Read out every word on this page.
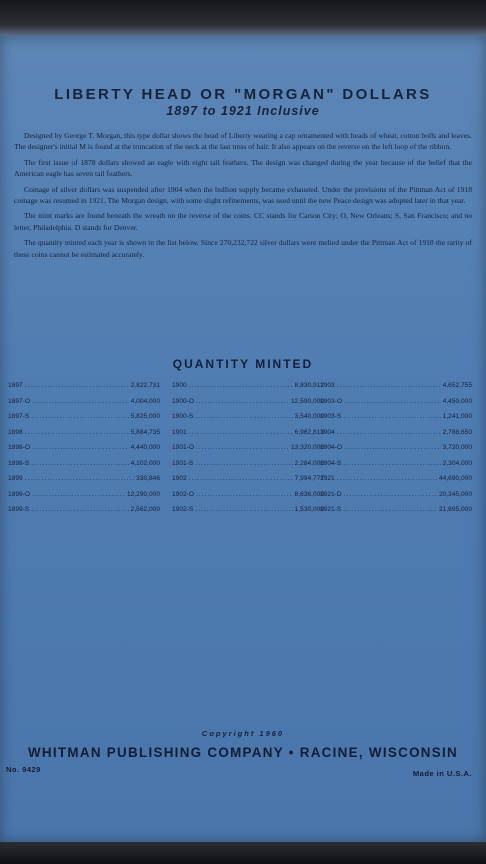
LIBERTY HEAD OR "MORGAN" DOLLARS
1897 to 1921 Inclusive

Designed by George T. Morgan, this type dollar shows the head of Liberty wearing a cap ornamented with heads of wheat, cotton bolls and leaves. The designer's initial M is found at the truncation of the neck at the last tress of hair. It also appears on the reverse on the left loop of the ribbon.

The first issue of 1878 dollars showed an eagle with eight tail feathers. The design was changed during the year because of the belief that the American eagle has seven tail feathers.

Coinage of silver dollars was suspended after 1904 when the bullion supply became exhausted. Under the provisions of the Pittman Act of 1918 coinage was resumed in 1921. The Morgan design, with some slight refinements, was used until the new Peace design was adopted later in that year.

The mint marks are found beneath the wreath on the reverse of the coins. CC stands for Carson City; O, New Orleans; S, San Francisco; and no letter, Philadelphia. D stands for Denver.

The quantity minted each year is shown in the list below. Since 270,232,722 silver dollars were melted under the Pittman Act of 1918 the rarity of these coins cannot be estimated accurately.

QUANTITY MINTED
1897 .....	2,822,731
1897-O .....	4,004,000
1897-S .....	5,825,000
1898 .....	5,884,735
1898-O .....	4,440,000
1898-S .....	4,102,000
1899 .....	330,846
1899-O .....	12,290,000
1899-S .....	2,562,000
1900 .....	8,830,912
1900-O .....	12,590,000
1900-S .....	3,540,000
1901 .....	6,962,813
1901-O .....	13,320,000
1901-S .....	2,284,000
1902 .....	7,994,777
1902-O .....	8,636,000
1902-S .....	1,530,000
1903 .....	4,652,755
1903-O .....	4,450,000
1903-S .....	1,241,000
1904 .....	2,788,650
1904-O .....	3,720,000
1904-S .....	2,304,000
1921 .....	44,690,000
1921-D .....	20,345,000
1921-S .....	21,695,000
Copyright 1960
WHITMAN PUBLISHING COMPANY • RACINE, WISCONSIN
No. 9429	Made in U.S.A.
